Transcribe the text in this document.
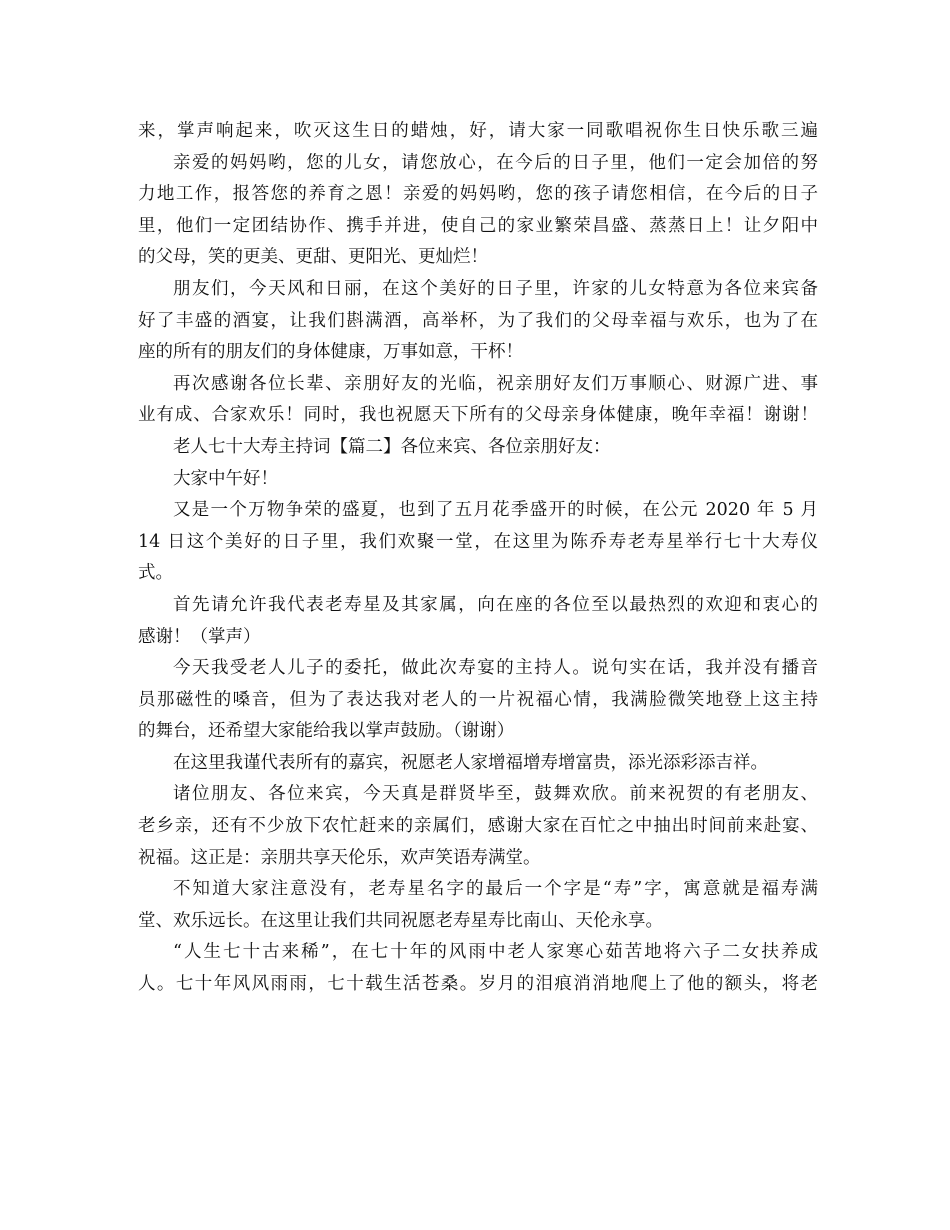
来，掌声响起来，吹灭这生日的蜡烛，好，请大家一同歌唱祝你生日快乐歌三遍
亲爱的妈妈哟，您的儿女，请您放心，在今后的日子里，他们一定会加倍的努
力地工作，报答您的养育之恩！亲爱的妈妈哟，您的孩子请您相信，在今后的日子
里，他们一定团结协作、携手并进，使自己的家业繁荣昌盛、蒸蒸日上！让夕阳中
的父母，笑的更美、更甜、更阳光、更灿烂！
朋友们，今天风和日丽，在这个美好的日子里，许家的儿女特意为各位来宾备
好了丰盛的酒宴，让我们斟满酒，高举杯，为了我们的父母幸福与欢乐，也为了在
座的所有的朋友们的身体健康，万事如意，干杯！
再次感谢各位长辈、亲朋好友的光临，祝亲朋好友们万事顺心、财源广进、事
业有成、合家欢乐！同时，我也祝愿天下所有的父母亲身体健康，晚年幸福！谢谢！
老人七十大寿主持词【篇二】各位来宾、各位亲朋好友：
大家中午好！
又是一个万物争荣的盛夏，也到了五月花季盛开的时候，在公元 2020 年 5 月
14 日这个美好的日子里，我们欢聚一堂，在这里为陈乔寿老寿星举行七十大寿仪
式。
首先请允许我代表老寿星及其家属，向在座的各位至以最热烈的欢迎和衷心的
感谢！（掌声）
今天我受老人儿子的委托，做此次寿宴的主持人。说句实在话，我并没有播音
员那磁性的嗓音，但为了表达我对老人的一片祝福心情，我满脸微笑地登上这主持
的舞台，还希望大家能给我以掌声鼓励。（谢谢）
在这里我谨代表所有的嘉宾，祝愿老人家增福增寿增富贵，添光添彩添吉祥。
诸位朋友、各位来宾，今天真是群贤毕至，鼓舞欢欣。前来祝贺的有老朋友、
老乡亲，还有不少放下农忙赶来的亲属们，感谢大家在百忙之中抽出时间前来赴宴、
祝福。这正是：亲朋共享天伦乐，欢声笑语寿满堂。
不知道大家注意没有，老寿星名字的最后一个字是“寿”字，寓意就是福寿满
堂、欢乐远长。在这里让我们共同祝愿老寿星寿比南山、天伦永享。
“人生七十古来稀”，在七十年的风雨中老人家寒心茹苦地将六子二女扶养成
人。七十年风风雨雨，七十载生活苍桑。岁月的泪痕消消地爬上了他的额头，将老
